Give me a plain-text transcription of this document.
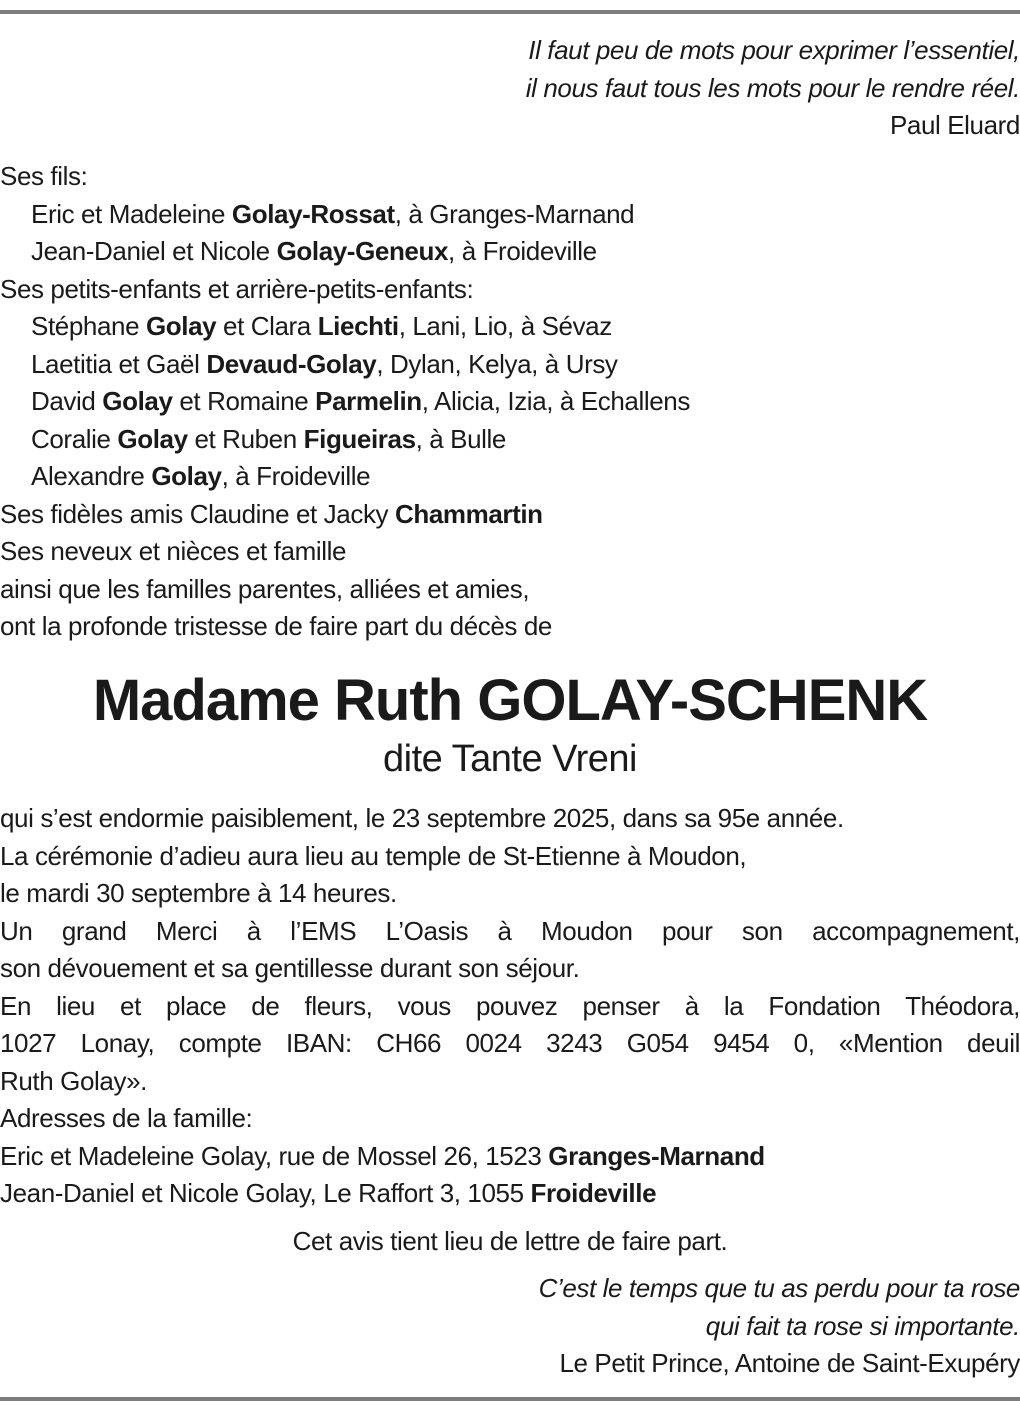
Il faut peu de mots pour exprimer l’essentiel,
il nous faut tous les mots pour le rendre réel.
Paul Eluard
Ses fils:
Eric et Madeleine Golay-Rossat, à Granges-Marnand
Jean-Daniel et Nicole Golay-Geneux, à Froideville
Ses petits-enfants et arrière-petits-enfants:
Stéphane Golay et Clara Liechti, Lani, Lio, à Sévaz
Laetitia et Gaël Devaud-Golay, Dylan, Kelya, à Ursy
David Golay et Romaine Parmelin, Alicia, Izia, à Echallens
Coralie Golay et Ruben Figueiras, à Bulle
Alexandre Golay, à Froideville
Ses fidèles amis Claudine et Jacky Chammartin
Ses neveux et nièces et famille
ainsi que les familles parentes, alliées et amies,
ont la profonde tristesse de faire part du décès de
Madame Ruth GOLAY-SCHENK
dite Tante Vreni
qui s’est endormie paisiblement, le 23 septembre 2025, dans sa 95e année.
La cérémonie d’adieu aura lieu au temple de St-Etienne à Moudon,
le mardi 30 septembre à 14 heures.
Un grand Merci à l’EMS L’Oasis à Moudon pour son accompagnement,
son dévouement et sa gentillesse durant son séjour.
En lieu et place de fleurs, vous pouvez penser à la Fondation Théodora,
1027 Lonay, compte IBAN: CH66 0024 3243 G054 9454 0, «Mention deuil
Ruth Golay».
Adresses de la famille:
Eric et Madeleine Golay, rue de Mossel 26, 1523 Granges-Marnand
Jean-Daniel et Nicole Golay, Le Raffort 3, 1055 Froideville
Cet avis tient lieu de lettre de faire part.
C’est le temps que tu as perdu pour ta rose
qui fait ta rose si importante.
Le Petit Prince, Antoine de Saint-Exupéry
